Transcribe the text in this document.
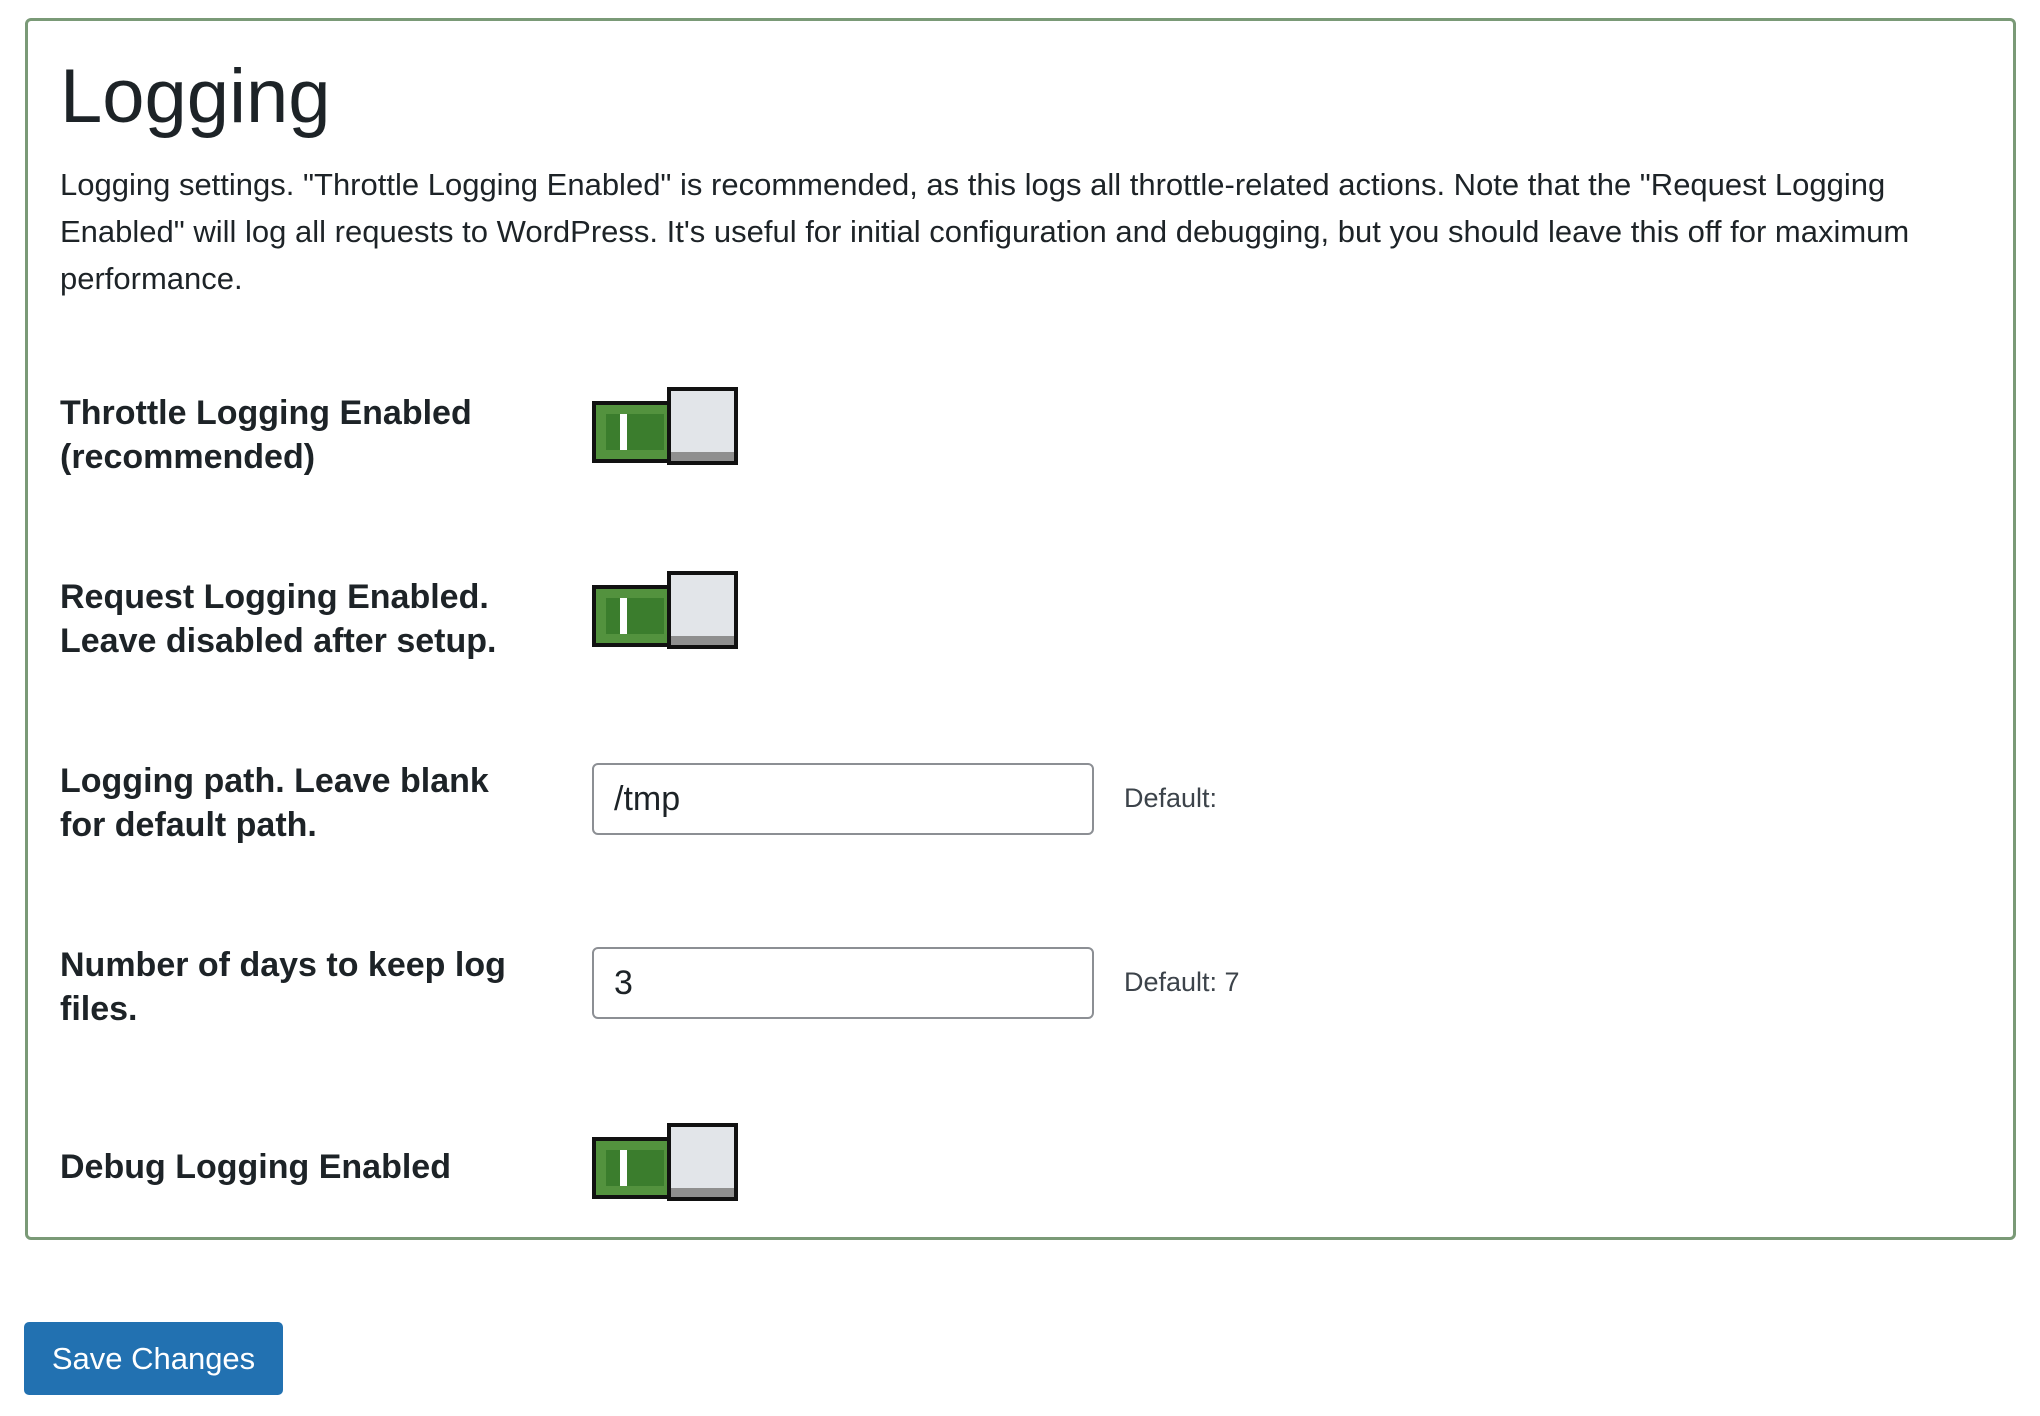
Logging

Logging settings. "Throttle Logging Enabled" is recommended, as this logs all throttle-related actions. Note that the "Request Logging Enabled" will log all requests to WordPress. It's useful for initial configuration and debugging, but you should leave this off for maximum performance.

Throttle Logging Enabled (recommended)
Request Logging Enabled. Leave disabled after setup.
Logging path. Leave blank for default path.
/tmp
Default:
Number of days to keep log files.
3
Default: 7
Debug Logging Enabled
Save Changes
